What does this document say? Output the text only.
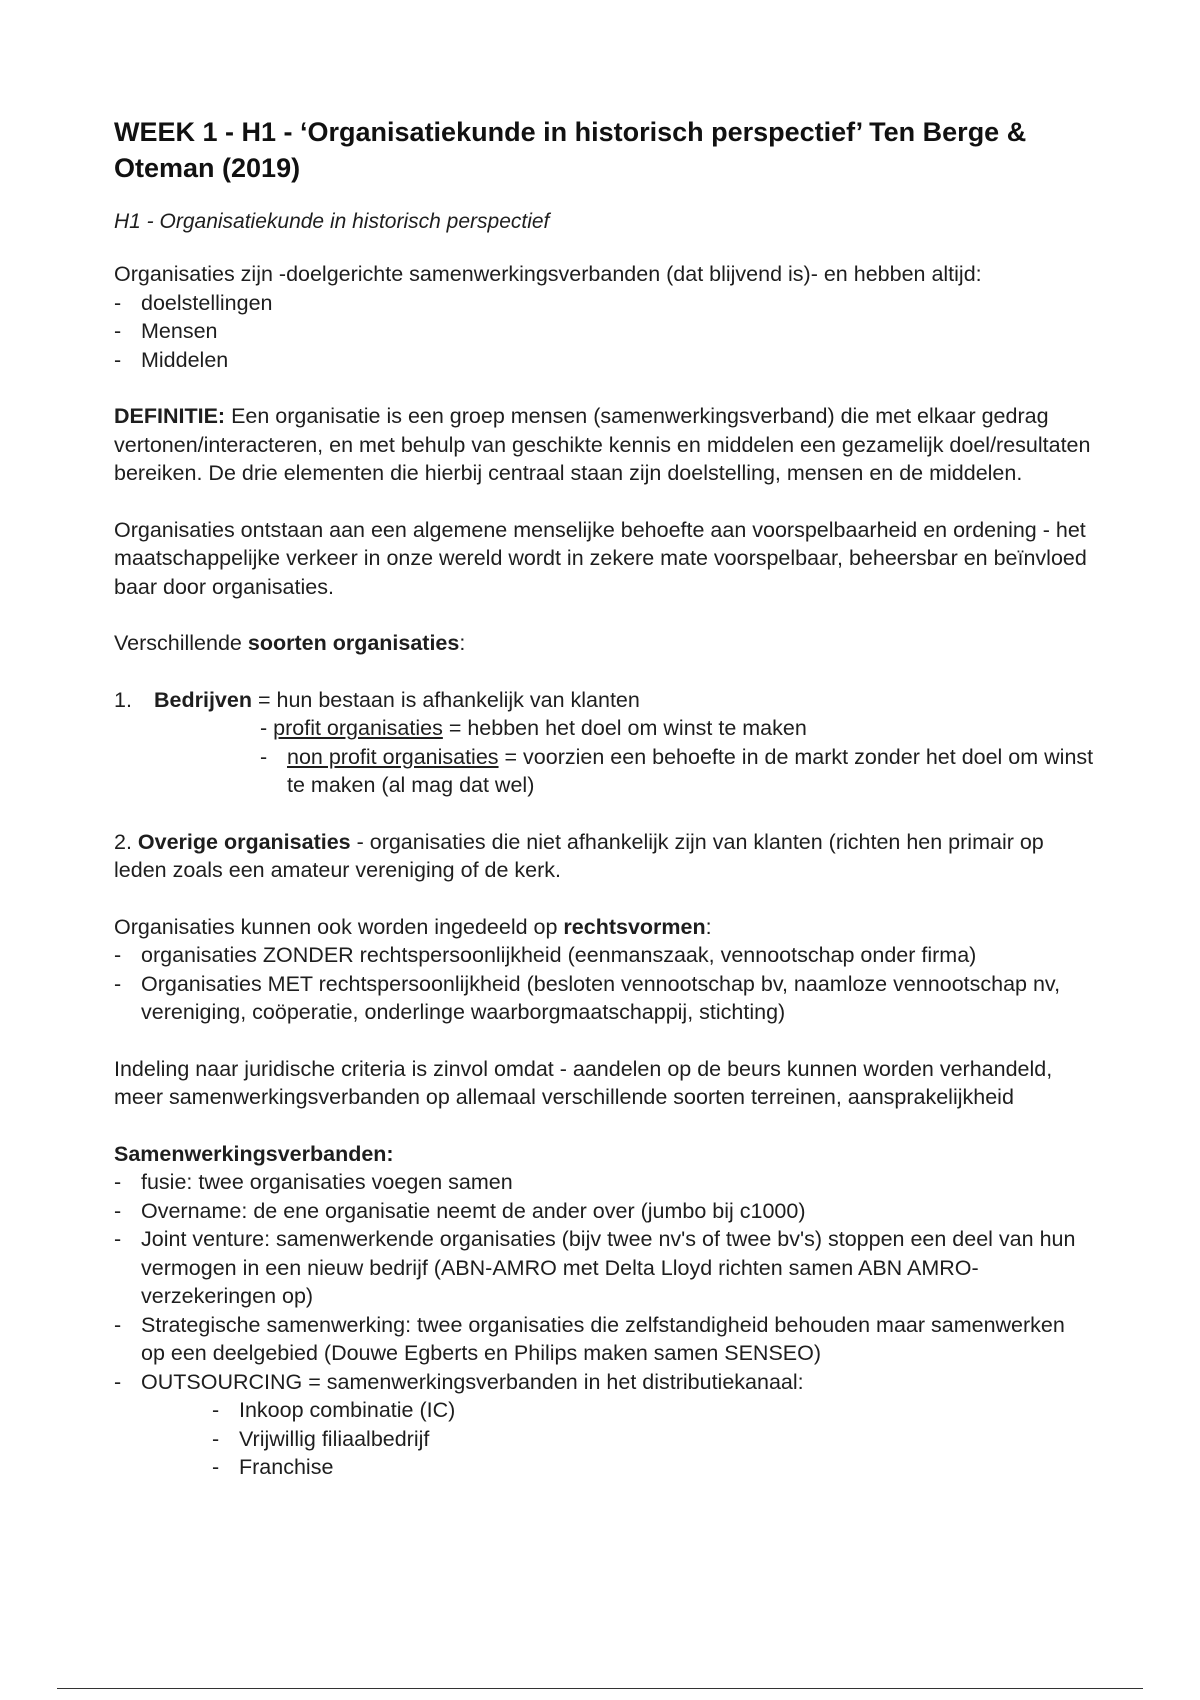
WEEK 1 - H1 - ‘Organisatiekunde in historisch perspectief’ Ten Berge & Oteman (2019)
H1 - Organisatiekunde in historisch perspectief

Organisaties zijn -doelgerichte samenwerkingsverbanden (dat blijvend is)- en hebben altijd:

- doelstellingen
- Mensen
- Middelen

DEFINITIE: Een organisatie is een groep mensen (samenwerkingsverband) die met elkaar gedrag vertonen/interacteren, en met behulp van geschikte kennis en middelen een gezamelijk doel/resultaten bereiken. De drie elementen die hierbij centraal staan zijn doelstelling, mensen en de middelen.

Organisaties ontstaan aan een algemene menselijke behoefte aan voorspelbaarheid en ordening - het maatschappelijke verkeer in onze wereld wordt in zekere mate voorspelbaar, beheersbar en beïnvloed baar door organisaties.

Verschillende soorten organisaties:

1. Bedrijven = hun bestaan is afhankelijk van klanten
- profit organisaties = hebben het doel om winst te maken
- non profit organisaties = voorzien een behoefte in de markt zonder het doel om winst te maken (al mag dat wel)

2. Overige organisaties - organisaties die niet afhankelijk zijn van klanten (richten hen primair op leden zoals een amateur vereniging of de kerk.

Organisaties kunnen ook worden ingedeeld op rechtsvormen:

- organisaties ZONDER rechtspersoonlijkheid (eenmanszaak, vennootschap onder firma)
- Organisaties MET rechtspersoonlijkheid (besloten vennootschap bv, naamloze vennootschap nv, vereniging, coöperatie, onderlinge waarborgmaatschappij, stichting)

Indeling naar juridische criteria is zinvol omdat - aandelen op de beurs kunnen worden verhandeld, meer samenwerkingsverbanden op allemaal verschillende soorten terreinen, aansprakelijkheid

Samenwerkingsverbanden:

- fusie: twee organisaties voegen samen
- Overname: de ene organisatie neemt de ander over (jumbo bij c1000)
- Joint venture: samenwerkende organisaties (bijv twee nv's of twee bv's) stoppen een deel van hun vermogen in een nieuw bedrijf (ABN-AMRO met Delta Lloyd richten samen ABN AMRO-verzekeringen op)
- Strategische samenwerking: twee organisaties die zelfstandigheid behouden maar samenwerken op een deelgebied (Douwe Egberts en Philips maken samen SENSEO)
- OUTSOURCING = samenwerkingsverbanden in het distributiekanaal:
- Inkoop combinatie (IC)
- Vrijwillig filiaalbedrijf
- Franchise
